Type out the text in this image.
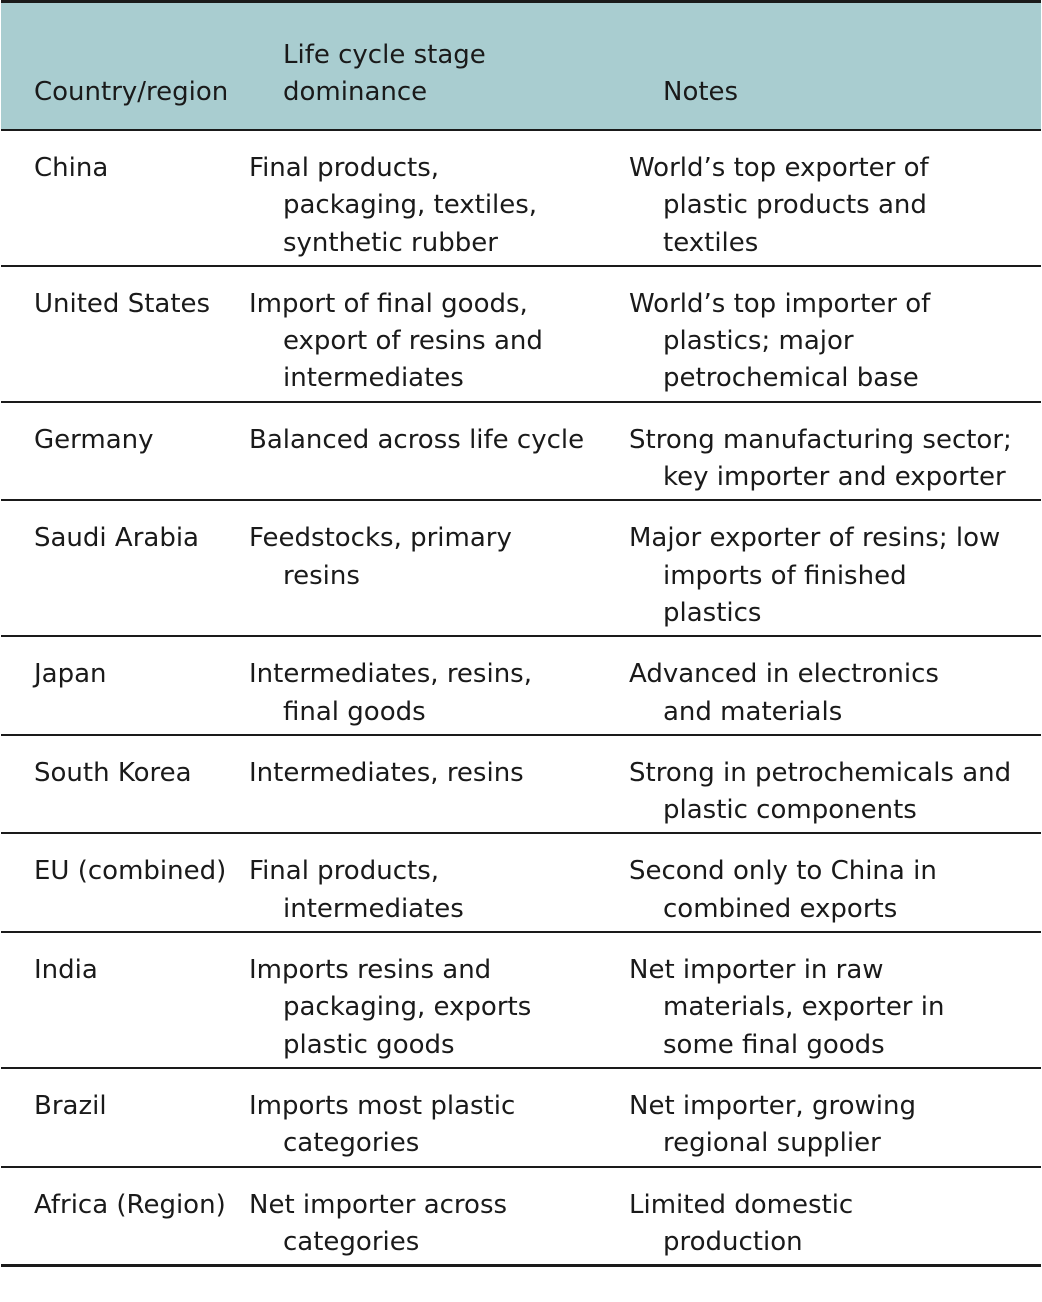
Country/region	Life cycle stage dominance	Notes
China	Final products, packaging, textiles, synthetic rubber	World’s top exporter of plastic products and textiles

United States	Import of final goods, export of resins and intermediates	World’s top importer of plastics; major petrochemical base

Germany	Balanced across life cycle	Strong manufacturing sector; key importer and exporter

Saudi Arabia	Feedstocks, primary resins	Major exporter of resins; low imports of finished plastics

Japan	Intermediates, resins, final goods	Advanced in electronics and materials

South Korea	Intermediates, resins	Strong in petrochemicals and plastic components

EU (combined)	Final products, intermediates	Second only to China in combined exports

India	Imports resins and packaging, exports plastic goods	Net importer in raw materials, exporter in some final goods

Brazil	Imports most plastic categories	Net importer, growing regional supplier

Africa (Region)	Net importer across categories	Limited domestic production
